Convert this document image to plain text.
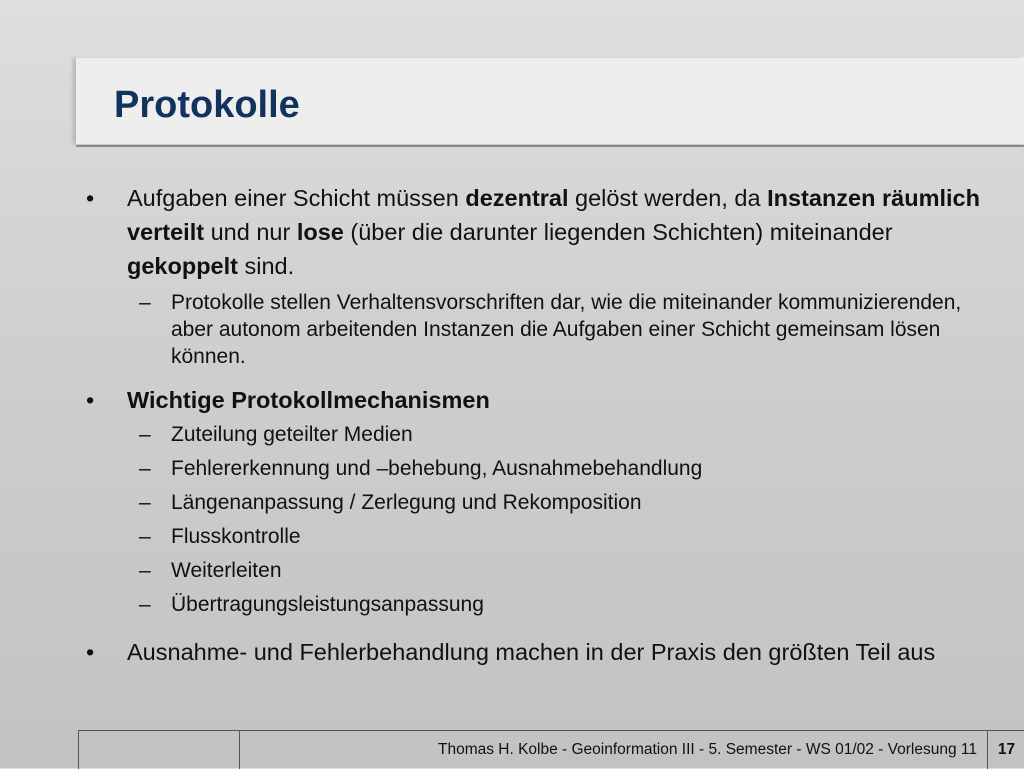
Protokolle
• Aufgaben einer Schicht müssen dezentral gelöst werden, da Instanzen räumlich verteilt und nur lose (über die darunter liegenden Schichten) miteinander gekoppelt sind.
– Protokolle stellen Verhaltensvorschriften dar, wie die miteinander kommunizierenden, aber autonom arbeitenden Instanzen die Aufgaben einer Schicht gemeinsam lösen können.
• Wichtige Protokollmechanismen
– Zuteilung geteilter Medien
– Fehlererkennung und –behebung, Ausnahmebehandlung
– Längenanpassung / Zerlegung und Rekomposition
– Flusskontrolle
– Weiterleiten
– Übertragungsleistungsanpassung
• Ausnahme- und Fehlerbehandlung machen in der Praxis den größten Teil aus
Thomas H. Kolbe - Geoinformation III - 5. Semester - WS 01/02 - Vorlesung 11	17
